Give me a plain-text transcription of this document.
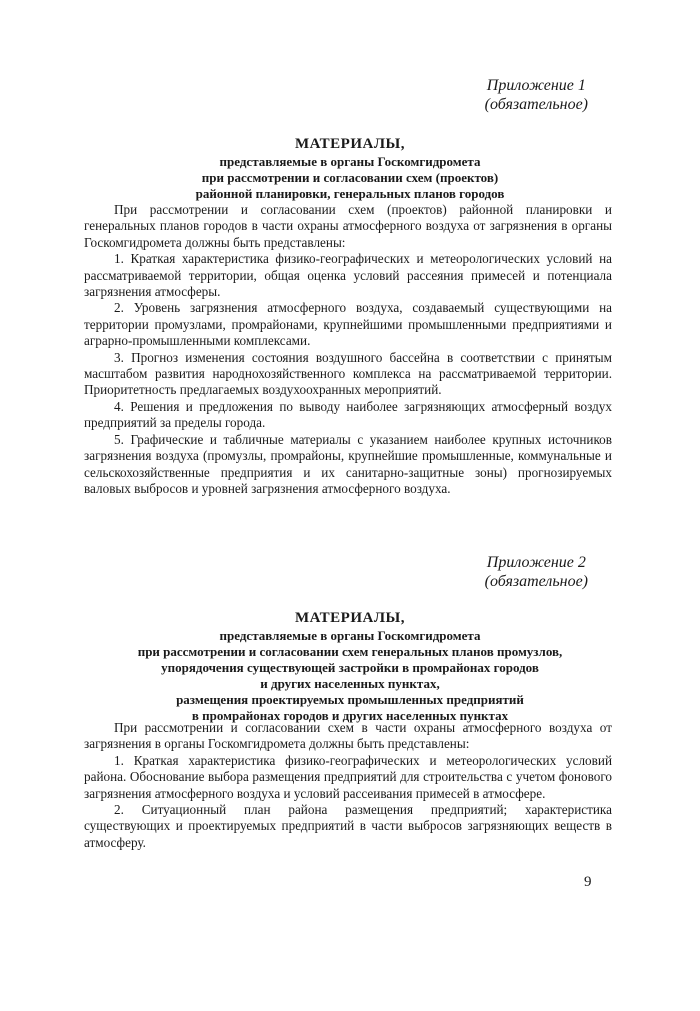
Приложение 1
(обязательное)
МАТЕРИАЛЫ,
представляемые в органы Госкомгидромета
при рассмотрении и согласовании схем (проектов)
районной планировки, генеральных планов городов

При рассмотрении и согласовании схем (проектов) районной планировки и генеральных планов городов в части охраны атмосферного воздуха от загрязнения в органы Госкомгидромета должны быть представлены:

1. Краткая характеристика физико-географических и метеорологических условий на рассматриваемой территории, общая оценка условий рассеяния примесей и потенциала загрязнения атмосферы.

2. Уровень загрязнения атмосферного воздуха, создаваемый существующими на территории промузлами, промрайонами, крупнейшими промышленными предприятиями и аграрно-промышленными комплексами.

3. Прогноз изменения состояния воздушного бассейна в соответствии с принятым масштабом развития народнохозяйственного комплекса на рассматриваемой территории. Приоритетность предлагаемых воздухоохранных мероприятий.

4. Решения и предложения по выводу наиболее загрязняющих атмосферный воздух предприятий за пределы города.

5. Графические и табличные материалы с указанием наиболее крупных источников загрязнения воздуха (промузлы, промрайоны, крупнейшие промышленные, коммунальные и сельскохозяйственные предприятия и их санитарно-защитные зоны) прогнозируемых валовых выбросов и уровней загрязнения атмосферного воздуха.

Приложение 2
(обязательное)
МАТЕРИАЛЫ,
представляемые в органы Госкомгидромета
при рассмотрении и согласовании схем генеральных планов промузлов,
упорядочения существующей застройки в промрайонах городов
и других населенных пунктах,
размещения проектируемых промышленных предприятий
в промрайонах городов и других населенных пунктах

При рассмотрении и согласовании схем в части охраны атмосферного воздуха от загрязнения в органы Госкомгидромета должны быть представлены:

1. Краткая характеристика физико-географических и метеорологических условий района. Обоснование выбора размещения предприятий для строительства с учетом фонового загрязнения атмосферного воздуха и условий рассеивания примесей в атмосфере.

2. Ситуационный план района размещения предприятий; характеристика существующих и проектируемых предприятий в части выбросов загрязняющих веществ в атмосферу.

9
